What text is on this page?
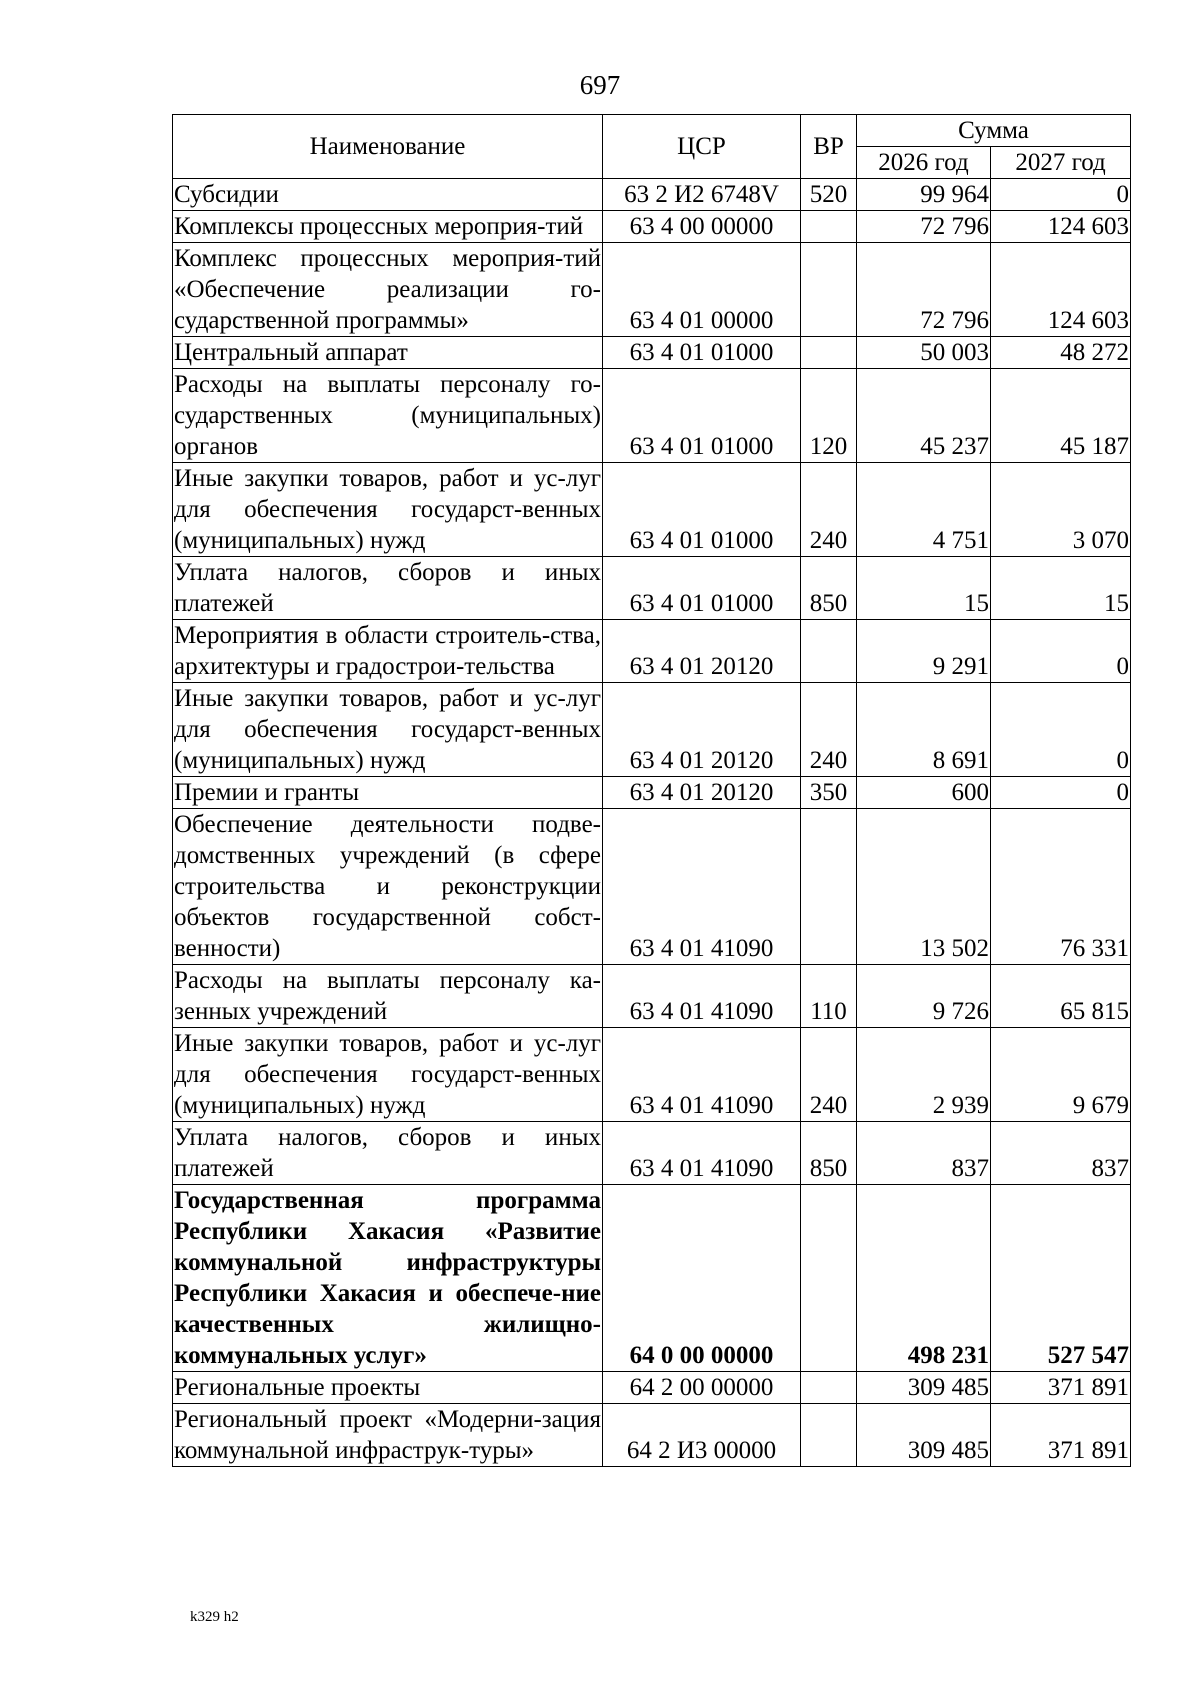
697
Наименование	ЦСР	ВР	Сумма	
			2026 год	2027 год
Субсидии	63 2 И2 6748V	520	99 964	0
Комплексы процессных мероприя-тий	63 4 00 00000		72 796	124 603
Комплекс процессных мероприя-тий «Обеспечение реализации го-сударственной программы»	63 4 01 00000		72 796	124 603
Центральный аппарат	63 4 01 01000		50 003	48 272
Расходы на выплаты персоналу го-сударственных (муниципальных) органов	63 4 01 01000	120	45 237	45 187
Иные закупки товаров, работ и ус-луг для обеспечения государст-венных (муниципальных) нужд	63 4 01 01000	240	4 751	3 070
Уплата налогов, сборов и иных платежей	63 4 01 01000	850	15	15
Мероприятия в области строитель-ства, архитектуры и градострои-тельства	63 4 01 20120		9 291	0
Иные закупки товаров, работ и ус-луг для обеспечения государст-венных (муниципальных) нужд	63 4 01 20120	240	8 691	0
Премии и гранты	63 4 01 20120	350	600	0
Обеспечение деятельности подве-домственных учреждений (в сфере строительства и реконструкции объектов государственной собст-венности)	63 4 01 41090		13 502	76 331
Расходы на выплаты персоналу ка-зенных учреждений	63 4 01 41090	110	9 726	65 815
Иные закупки товаров, работ и ус-луг для обеспечения государст-венных (муниципальных) нужд	63 4 01 41090	240	2 939	9 679
Уплата налогов, сборов и иных платежей	63 4 01 41090	850	837	837
Государственная программа Республики Хакасия «Развитие коммунальной инфраструктуры Республики Хакасия и обеспече-ние качественных жилищно-коммунальных услуг»	64 0 00 00000		498 231	527 547
Региональные проекты	64 2 00 00000		309 485	371 891
Региональный проект «Модерни-зация коммунальной инфраструк-туры»	64 2 И3 00000		309 485	371 891
k329 h2
